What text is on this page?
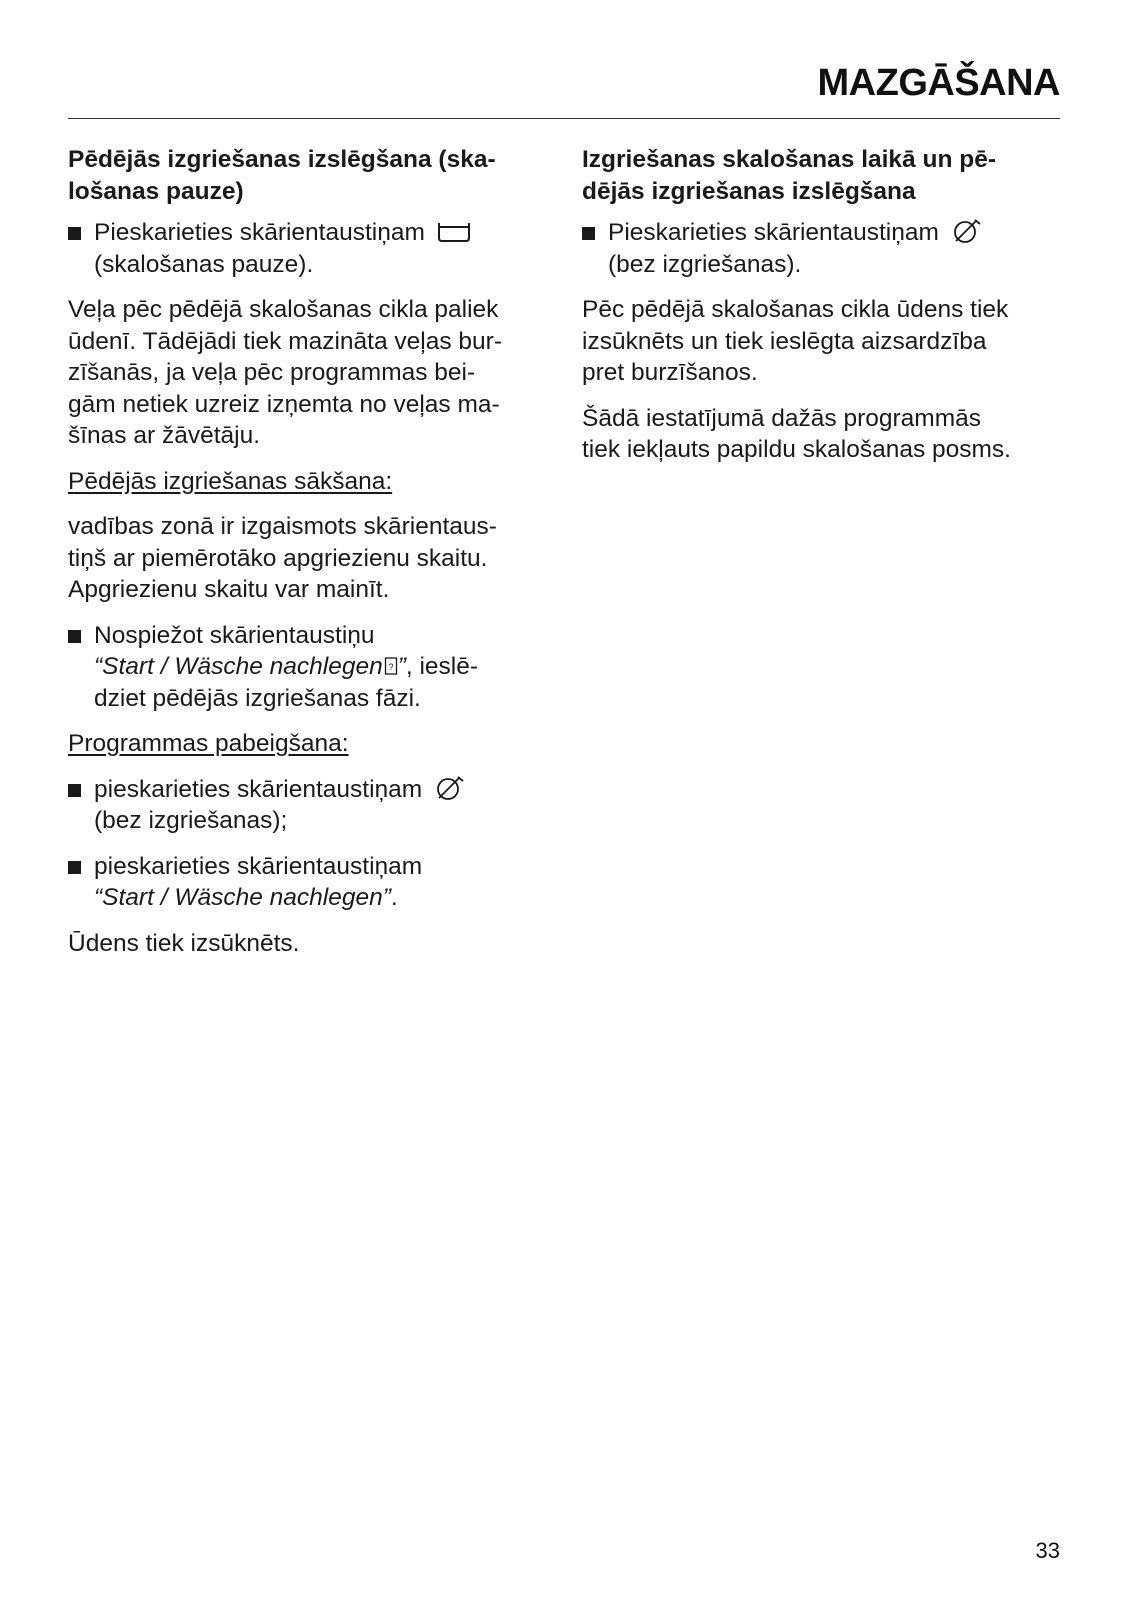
MAZGĀŠANA
Pēdējās izgriešanas izslēgšana (ska-
lošanas pauze)
Pieskarieties skārientaustiņam
(skalošanas pauze).
Veļa pēc pēdējā skalošanas cikla paliek
ūdenī. Tādējādi tiek mazināta veļas bur-
zīšanās, ja veļa pēc programmas bei-
gām netiek uzreiz izņemta no veļas ma-
šīnas ar žāvētāju.
Pēdējās izgriešanas sākšana:
vadības zonā ir izgaismots skārientaus-
tiņš ar piemērotāko apgriezienu skaitu.
Apgriezienu skaitu var mainīt.
Nospiežot skārientaustiņu
“Start / Wäsche nachlegen ? ”, ieslē-
dziet pēdējās izgriešanas fāzi.
Programmas pabeigšana:
pieskarieties skārientaustiņam
(bez izgriešanas);
pieskarieties skārientaustiņam
“Start / Wäsche nachlegen”.
Ūdens tiek izsūknēts.
Izgriešanas skalošanas laikā un pē-
dējās izgriešanas izslēgšana
Pieskarieties skārientaustiņam
(bez izgriešanas).
Pēc pēdējā skalošanas cikla ūdens tiek
izsūknēts un tiek ieslēgta aizsardzība
pret burzīšanos.
Šādā iestatījumā dažās programmās
tiek iekļauts papildu skalošanas posms.
33
